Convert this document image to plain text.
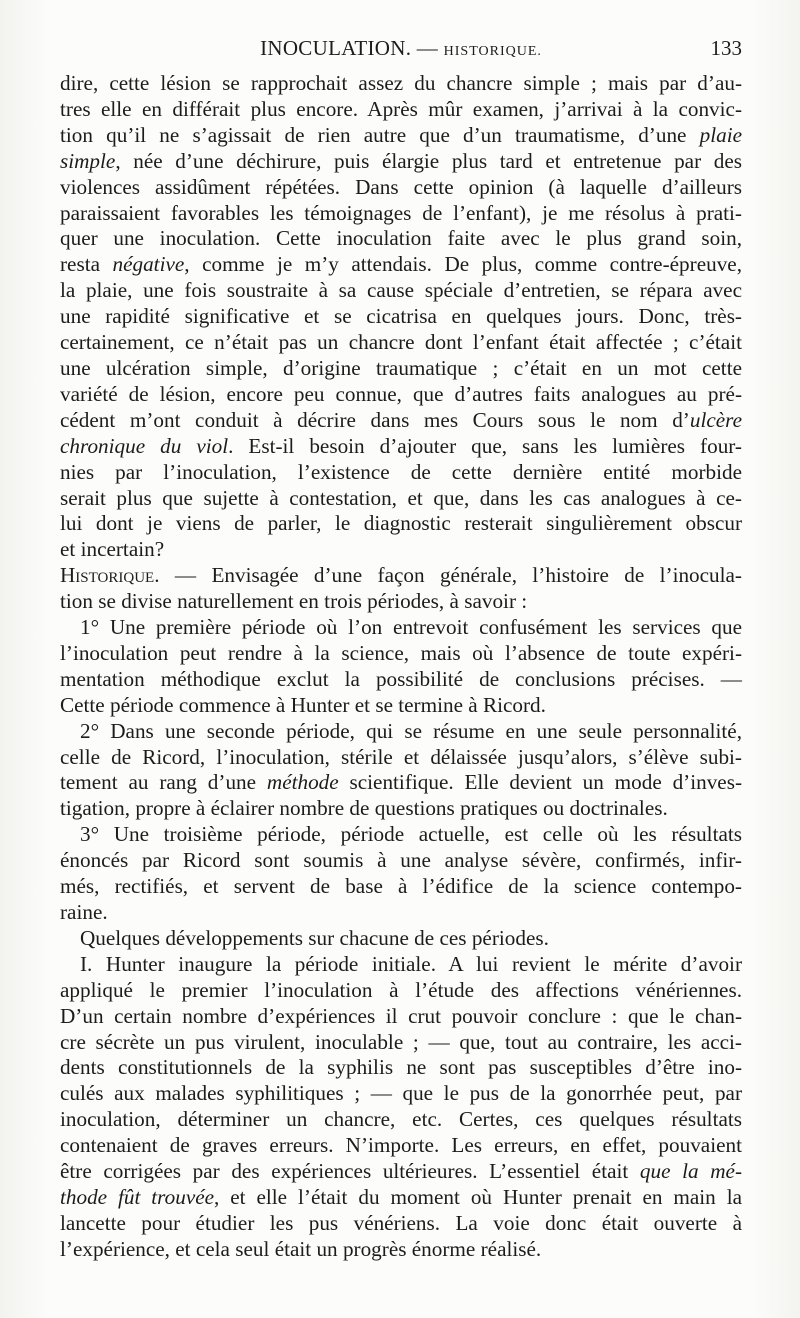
INOCULATION. — HISTORIQUE.	133

dire, cette lésion se rapprochait assez du chancre simple ; mais par d’au-

tres elle en différait plus encore. Après mûr examen, j’arrivai à la convic-

tion qu’il ne s’agissait de rien autre que d’un traumatisme, d’une plaie

simple, née d’une déchirure, puis élargie plus tard et entretenue par des

violences assidûment répétées. Dans cette opinion (à laquelle d’ailleurs

paraissaient favorables les témoignages de l’enfant), je me résolus à prati-

quer une inoculation. Cette inoculation faite avec le plus grand soin,

resta négative, comme je m’y attendais. De plus, comme contre-épreuve,

la plaie, une fois soustraite à sa cause spéciale d’entretien, se répara avec

une rapidité significative et se cicatrisa en quelques jours. Donc, très-

certainement, ce n’était pas un chancre dont l’enfant était affectée ; c’était

une ulcération simple, d’origine traumatique ; c’était en un mot cette

variété de lésion, encore peu connue, que d’autres faits analogues au pré-

cédent m’ont conduit à décrire dans mes Cours sous le nom d’ulcère

chronique du viol. Est-il besoin d’ajouter que, sans les lumières four-

nies par l’inoculation, l’existence de cette dernière entité morbide

serait plus que sujette à contestation, et que, dans les cas analogues à ce-

lui dont je viens de parler, le diagnostic resterait singulièrement obscur

et incertain?

Historique. — Envisagée d’une façon générale, l’histoire de l’inocula-

tion se divise naturellement en trois périodes, à savoir :

1° Une première période où l’on entrevoit confusément les services que

l’inoculation peut rendre à la science, mais où l’absence de toute expéri-

mentation méthodique exclut la possibilité de conclusions précises. —

Cette période commence à Hunter et se termine à Ricord.

2° Dans une seconde période, qui se résume en une seule personnalité,

celle de Ricord, l’inoculation, stérile et délaissée jusqu’alors, s’élève subi-

tement au rang d’une méthode scientifique. Elle devient un mode d’inves-

tigation, propre à éclairer nombre de questions pratiques ou doctrinales.

3° Une troisième période, période actuelle, est celle où les résultats

énoncés par Ricord sont soumis à une analyse sévère, confirmés, infir-

més, rectifiés, et servent de base à l’édifice de la science contempo-

raine.

Quelques développements sur chacune de ces périodes.

I. Hunter inaugure la période initiale. A lui revient le mérite d’avoir

appliqué le premier l’inoculation à l’étude des affections vénériennes.

D’un certain nombre d’expériences il crut pouvoir conclure : que le chan-

cre sécrète un pus virulent, inoculable ; — que, tout au contraire, les acci-

dents constitutionnels de la syphilis ne sont pas susceptibles d’être ino-

culés aux malades syphilitiques ; — que le pus de la gonorrhée peut, par

inoculation, déterminer un chancre, etc. Certes, ces quelques résultats

contenaient de graves erreurs. N’importe. Les erreurs, en effet, pouvaient

être corrigées par des expériences ultérieures. L’essentiel était que la mé-

thode fût trouvée, et elle l’était du moment où Hunter prenait en main la

lancette pour étudier les pus vénériens. La voie donc était ouverte à

l’expérience, et cela seul était un progrès énorme réalisé.
